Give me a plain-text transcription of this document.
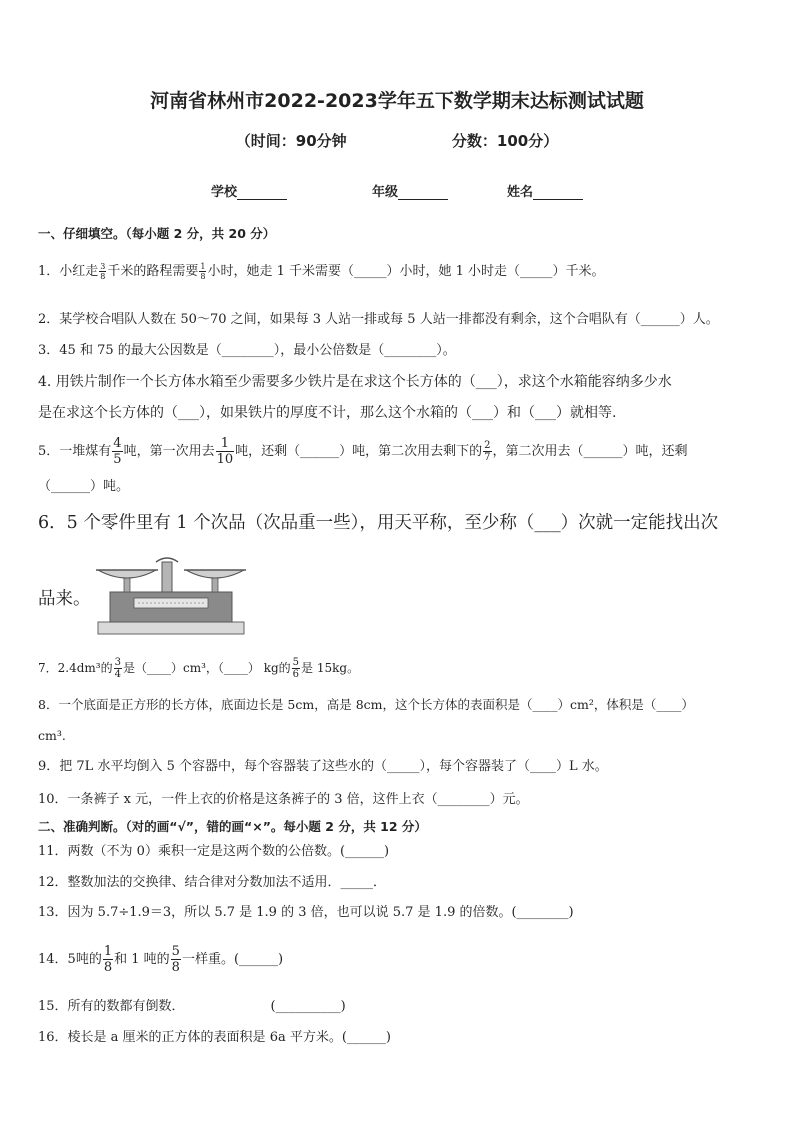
河南省林州市2022-2023学年五下数学期末达标测试试题
（时间：90分钟	分数：100分）
学校	年级	姓名
一、仔细填空。（每小题 2 分，共 20 分）
1．小红走 $\frac{3}{8}$ 千米的路程需要 $\frac{1}{8}$ 小时，她走 1 千米需要（_____）小时，她 1 小时走（_____）千米。
2．某学校合唱队人数在 50～70 之间，如果每 3 人站一排或每 5 人站一排都没有剩余，这个合唱队有（______）人。
3．45 和 75 的最大公因数是（________），最小公倍数是（________）。
4. 用铁片制作一个长方体水箱至少需要多少铁片是在求这个长方体的（___），求这个水箱能容纳多少水
是在求这个长方体的（___），如果铁片的厚度不计，那么这个水箱的（___）和（___）就相等.
5．一堆煤有 $\frac{4}{5}$ 吨，第一次用去 $\frac{1}{10}$ 吨，还剩（______）吨，第二次用去剩下的 $\frac{2}{7}$ ，第二次用去（______）吨，还剩
（______）吨。
6．5 个零件里有 1 个次品（次品重一些），用天平称，至少称（___）次就一定能找出次
品来。
7．2.4dm³的 $\frac{3}{4}$ 是（____）cm³，（____） kg的 $\frac{5}{6}$ 是 15kg。
8．一个底面是正方形的长方体，底面边长是 5cm，高是 8cm，这个长方体的表面积是（____）cm²，体积是（____）
cm³.
9．把 7L 水平均倒入 5 个容器中，每个容器装了这些水的（_____），每个容器装了（____）L 水。
10．一条裤子 x 元，一件上衣的价格是这条裤子的 3 倍，这件上衣（________）元。
二、准确判断。（对的画“√”，错的画“×”。每小题 2 分，共 12 分）
11．两数（不为 0）乘积一定是这两个数的公倍数。(______)
12．整数加法的交换律、结合律对分数加法不适用．_____．
13．因为 5.7÷1.9＝3，所以 5.7 是 1.9 的 3 倍，也可以说 5.7 是 1.9 的倍数。(________)
14．5吨的 $\frac{1}{8}$ 和 1 吨的 $\frac{5}{8}$ 一样重。(______)
15．所有的数都有倒数．	(__________)
16．棱长是 a 厘米的正方体的表面积是 6a 平方米。(______)
